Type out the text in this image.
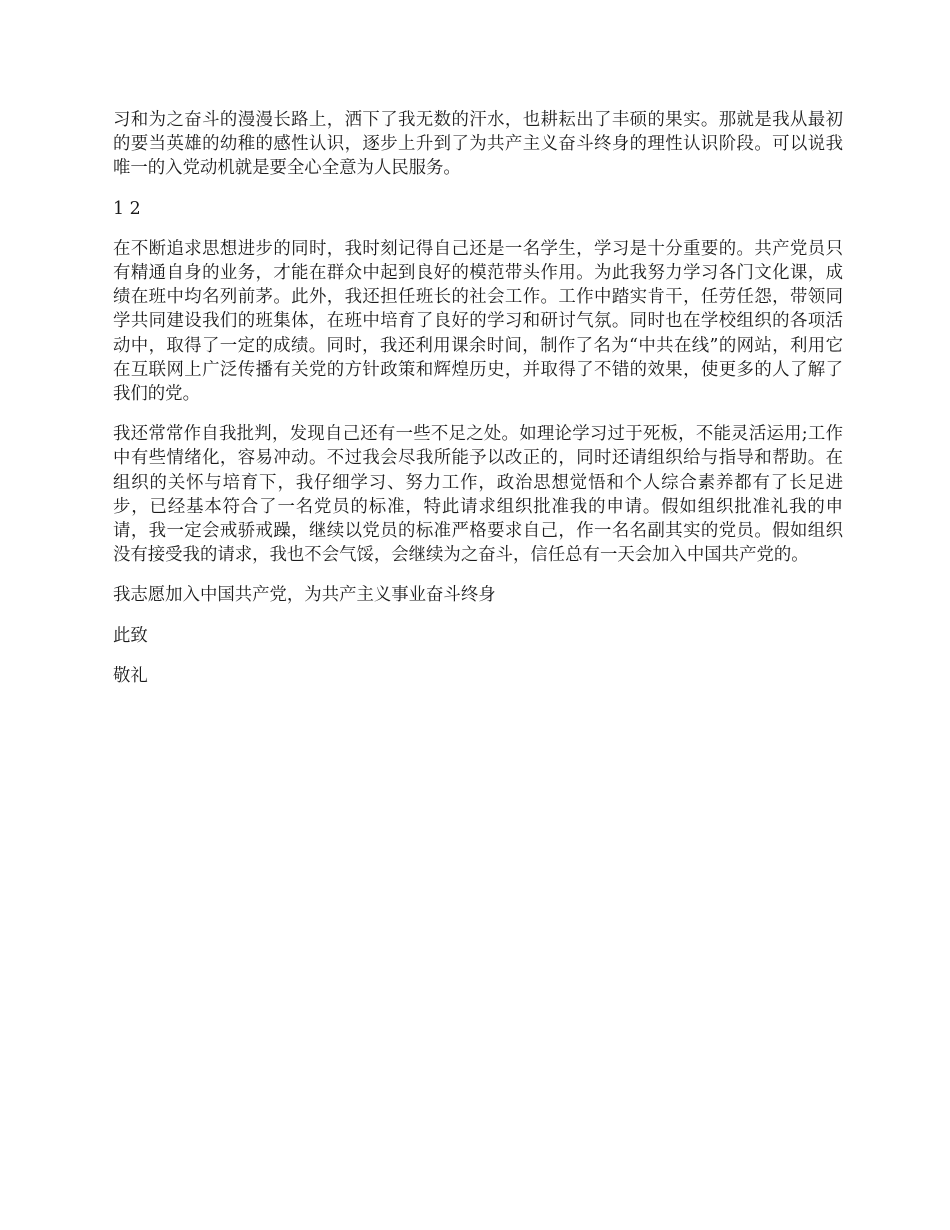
习和为之奋斗的漫漫长路上，洒下了我无数的汗水，也耕耘出了丰硕的果实。那就是我从最初的要当英雄的幼稚的感性认识，逐步上升到了为共产主义奋斗终身的理性认识阶段。可以说我唯一的入党动机就是要全心全意为人民服务。

1 2

在不断追求思想进步的同时，我时刻记得自己还是一名学生，学习是十分重要的。共产党员只有精通自身的业务，才能在群众中起到良好的模范带头作用。为此我努力学习各门文化课，成绩在班中均名列前茅。此外，我还担任班长的社会工作。工作中踏实肯干，任劳任怨，带领同学共同建设我们的班集体，在班中培育了良好的学习和研讨气氛。同时也在学校组织的各项活动中，取得了一定的成绩。同时，我还利用课余时间，制作了名为“中共在线”的网站，利用它在互联网上广泛传播有关党的方针政策和辉煌历史，并取得了不错的效果，使更多的人了解了我们的党。

我还常常作自我批判，发现自己还有一些不足之处。如理论学习过于死板，不能灵活运用;工作中有些情绪化，容易冲动。不过我会尽我所能予以改正的，同时还请组织给与指导和帮助。在组织的关怀与培育下，我仔细学习、努力工作，政治思想觉悟和个人综合素养都有了长足进步，已经基本符合了一名党员的标准，特此请求组织批准我的申请。假如组织批准礼我的申请，我一定会戒骄戒躁，继续以党员的标准严格要求自己，作一名名副其实的党员。假如组织没有接受我的请求，我也不会气馁，会继续为之奋斗，信任总有一天会加入中国共产党的。

我志愿加入中国共产党，为共产主义事业奋斗终身

此致

敬礼
